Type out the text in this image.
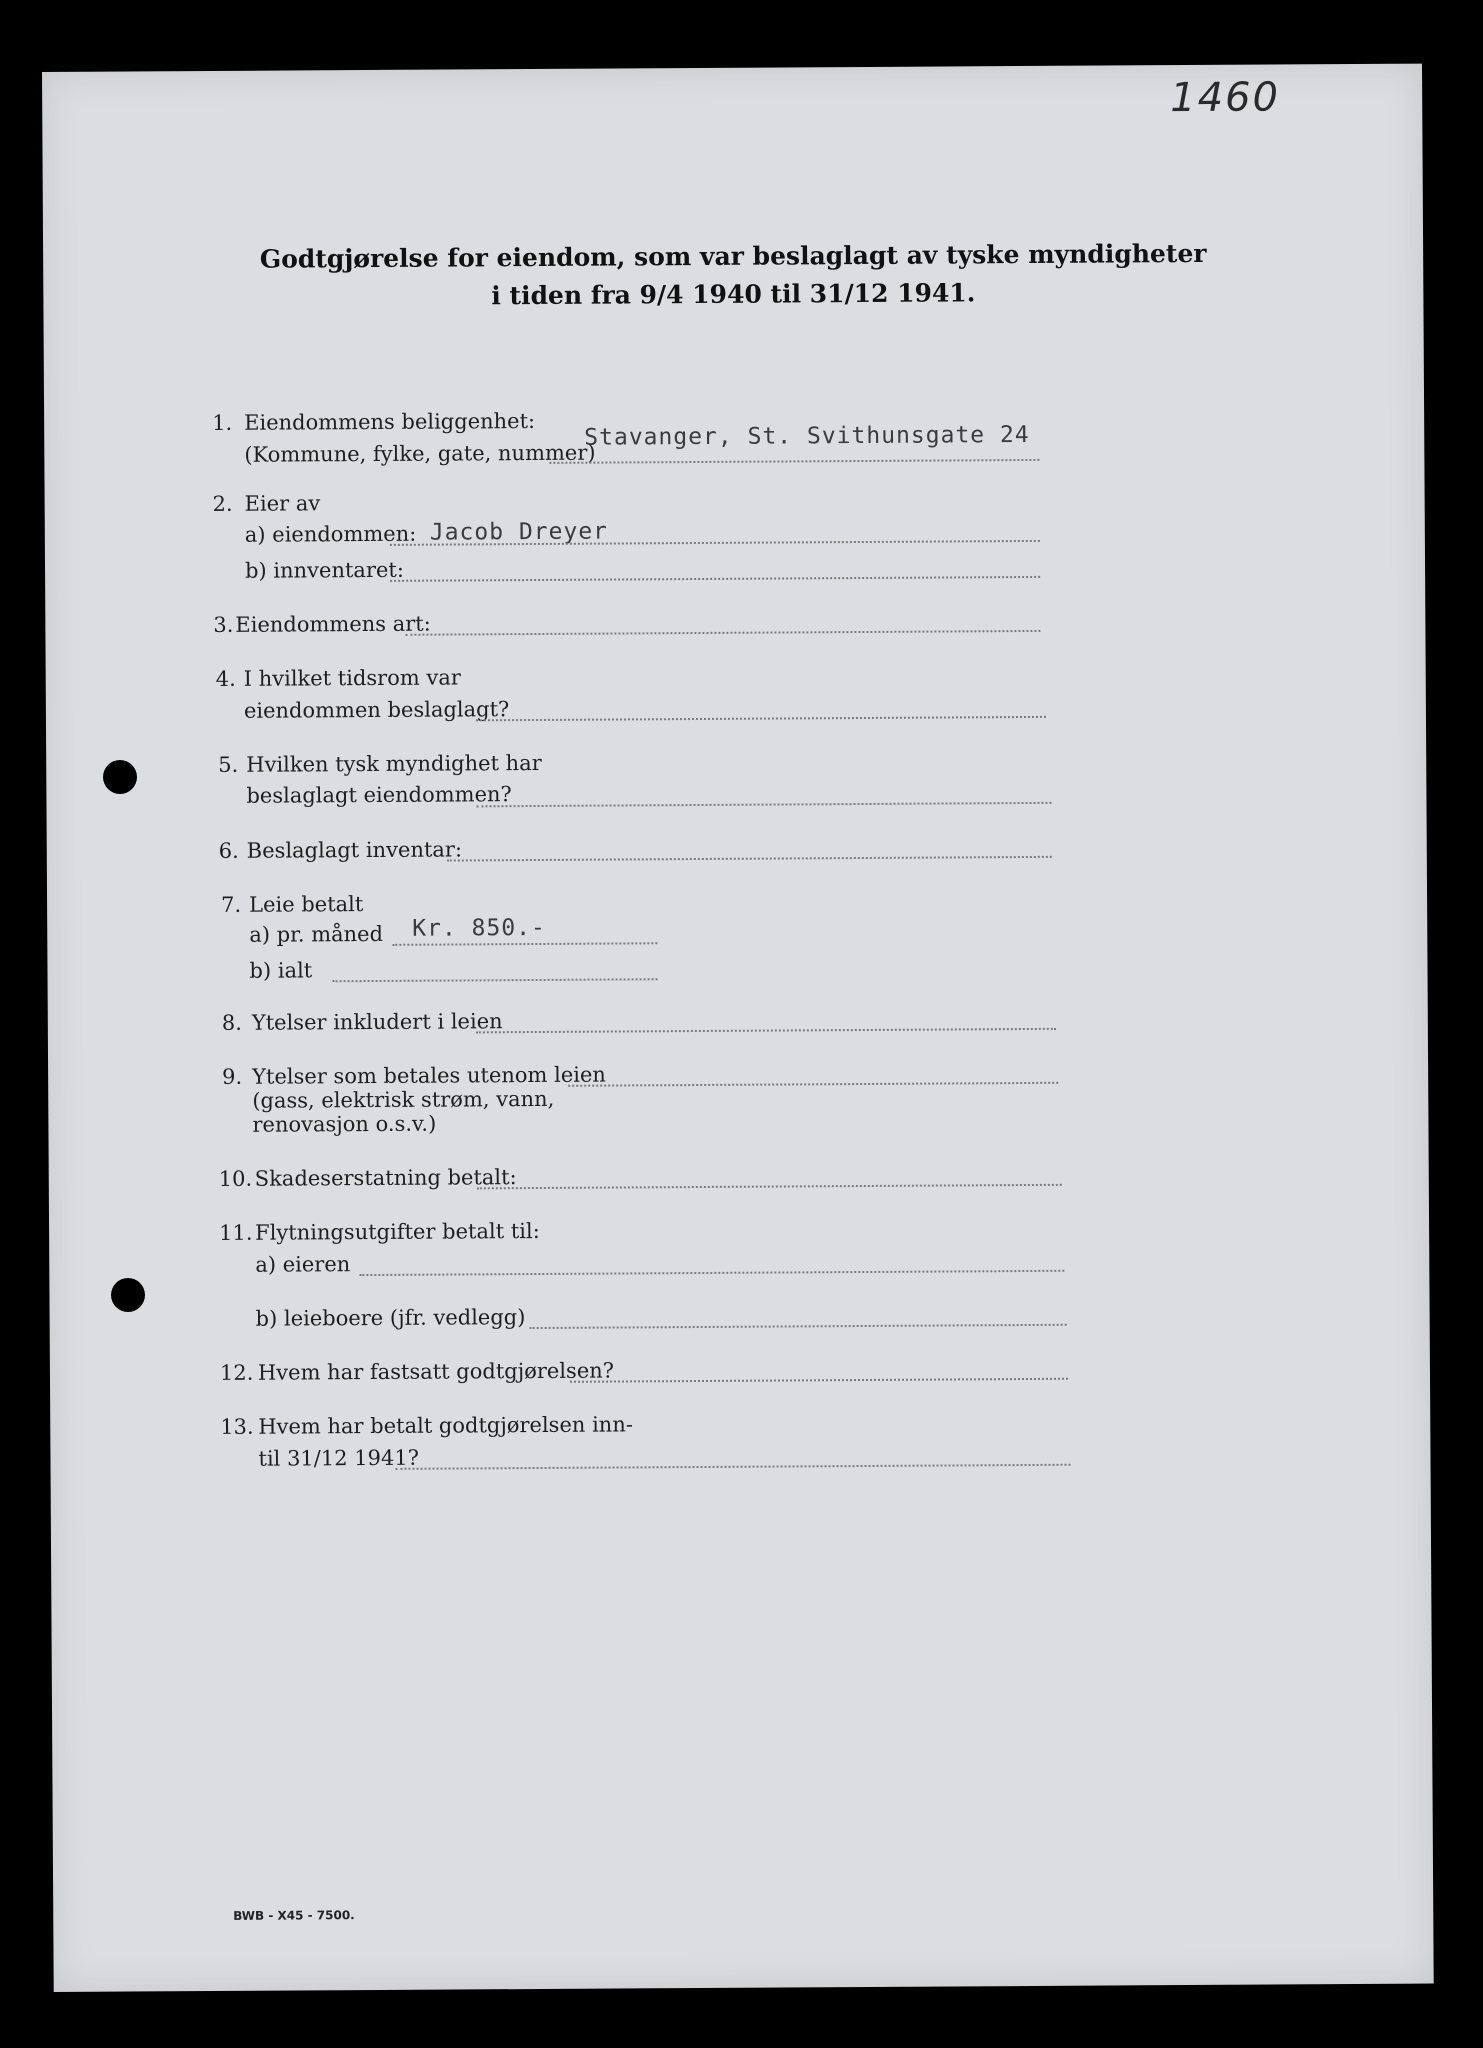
1460
Godtgjørelse for eiendom, som var beslaglagt av tyske myndigheter
i tiden fra 9/4 1940 til 31/12 1941.
1. Eiendommens beliggenhet:
(Kommune, fylke, gate, nummer)
Stavanger, St. Svithunsgate 24
2. Eier av
a) eiendommen: Jacob Dreyer
b) innventaret:
3. Eiendommens art:
4. I hvilket tidsrom var
eiendommen beslaglagt?
5. Hvilken tysk myndighet har
beslaglagt eiendommen?
6. Beslaglagt inventar:
7. Leie betalt
a) pr. måned Kr. 850.-
b) ialt
8. Ytelser inkludert i leien
9. Ytelser som betales utenom leien
(gass, elektrisk strøm, vann,
renovasjon o.s.v.)
10. Skadeserstatning betalt:
11. Flytningsutgifter betalt til:
a) eieren
b) leieboere (jfr. vedlegg)
12. Hvem har fastsatt godtgjørelsen?
13. Hvem har betalt godtgjørelsen inn-
til 31/12 1941?
BWB - X45 - 7500.
